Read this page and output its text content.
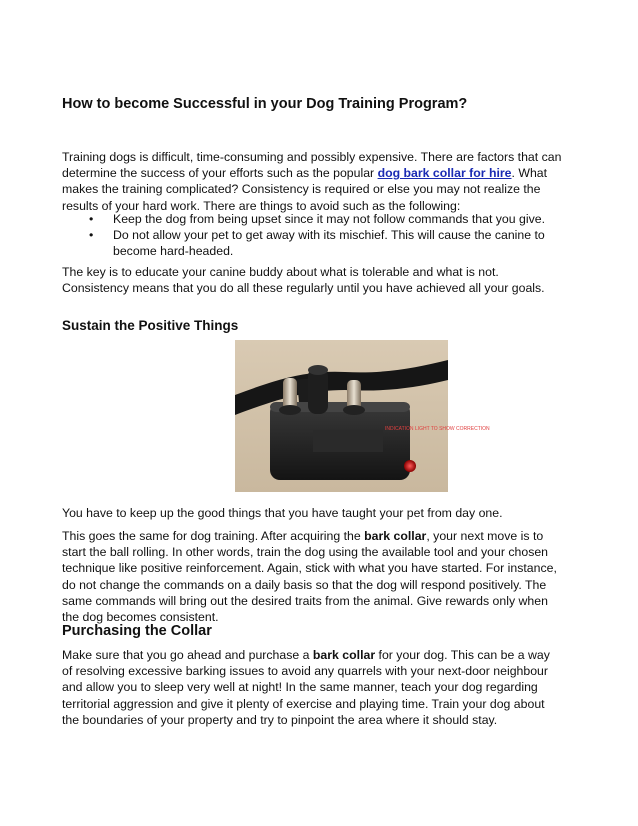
How to become Successful in your Dog Training Program?

Training dogs is difficult, time-consuming and possibly expensive. There are factors that can determine the success of your efforts such as the popular dog bark collar for hire. What makes the training complicated? Consistency is required or else you may not realize the results of your hard work. There are things to avoid such as the following:

• Keep the dog from being upset since it may not follow commands that you give.
• Do not allow your pet to get away with its mischief. This will cause the canine to become hard-headed.

The key is to educate your canine buddy about what is tolerable and what is not. Consistency means that you do all these regularly until you have achieved all your goals.

Sustain the Positive Things
INDICATION LIGHT TO SHOW CORRECTION

You have to keep up the good things that you have taught your pet from day one.

This goes the same for dog training. After acquiring the bark collar, your next move is to start the ball rolling. In other words, train the dog using the available tool and your chosen technique like positive reinforcement. Again, stick with what you have started. For instance, do not change the commands on a daily basis so that the dog will respond positively. The same commands will bring out the desired traits from the animal. Give rewards only when the dog becomes consistent.

Purchasing the Collar

Make sure that you go ahead and purchase a bark collar for your dog. This can be a way of resolving excessive barking issues to avoid any quarrels with your next-door neighbour and allow you to sleep very well at night! In the same manner, teach your dog regarding territorial aggression and give it plenty of exercise and playing time. Train your dog about the boundaries of your property and try to pinpoint the area where it should stay.
